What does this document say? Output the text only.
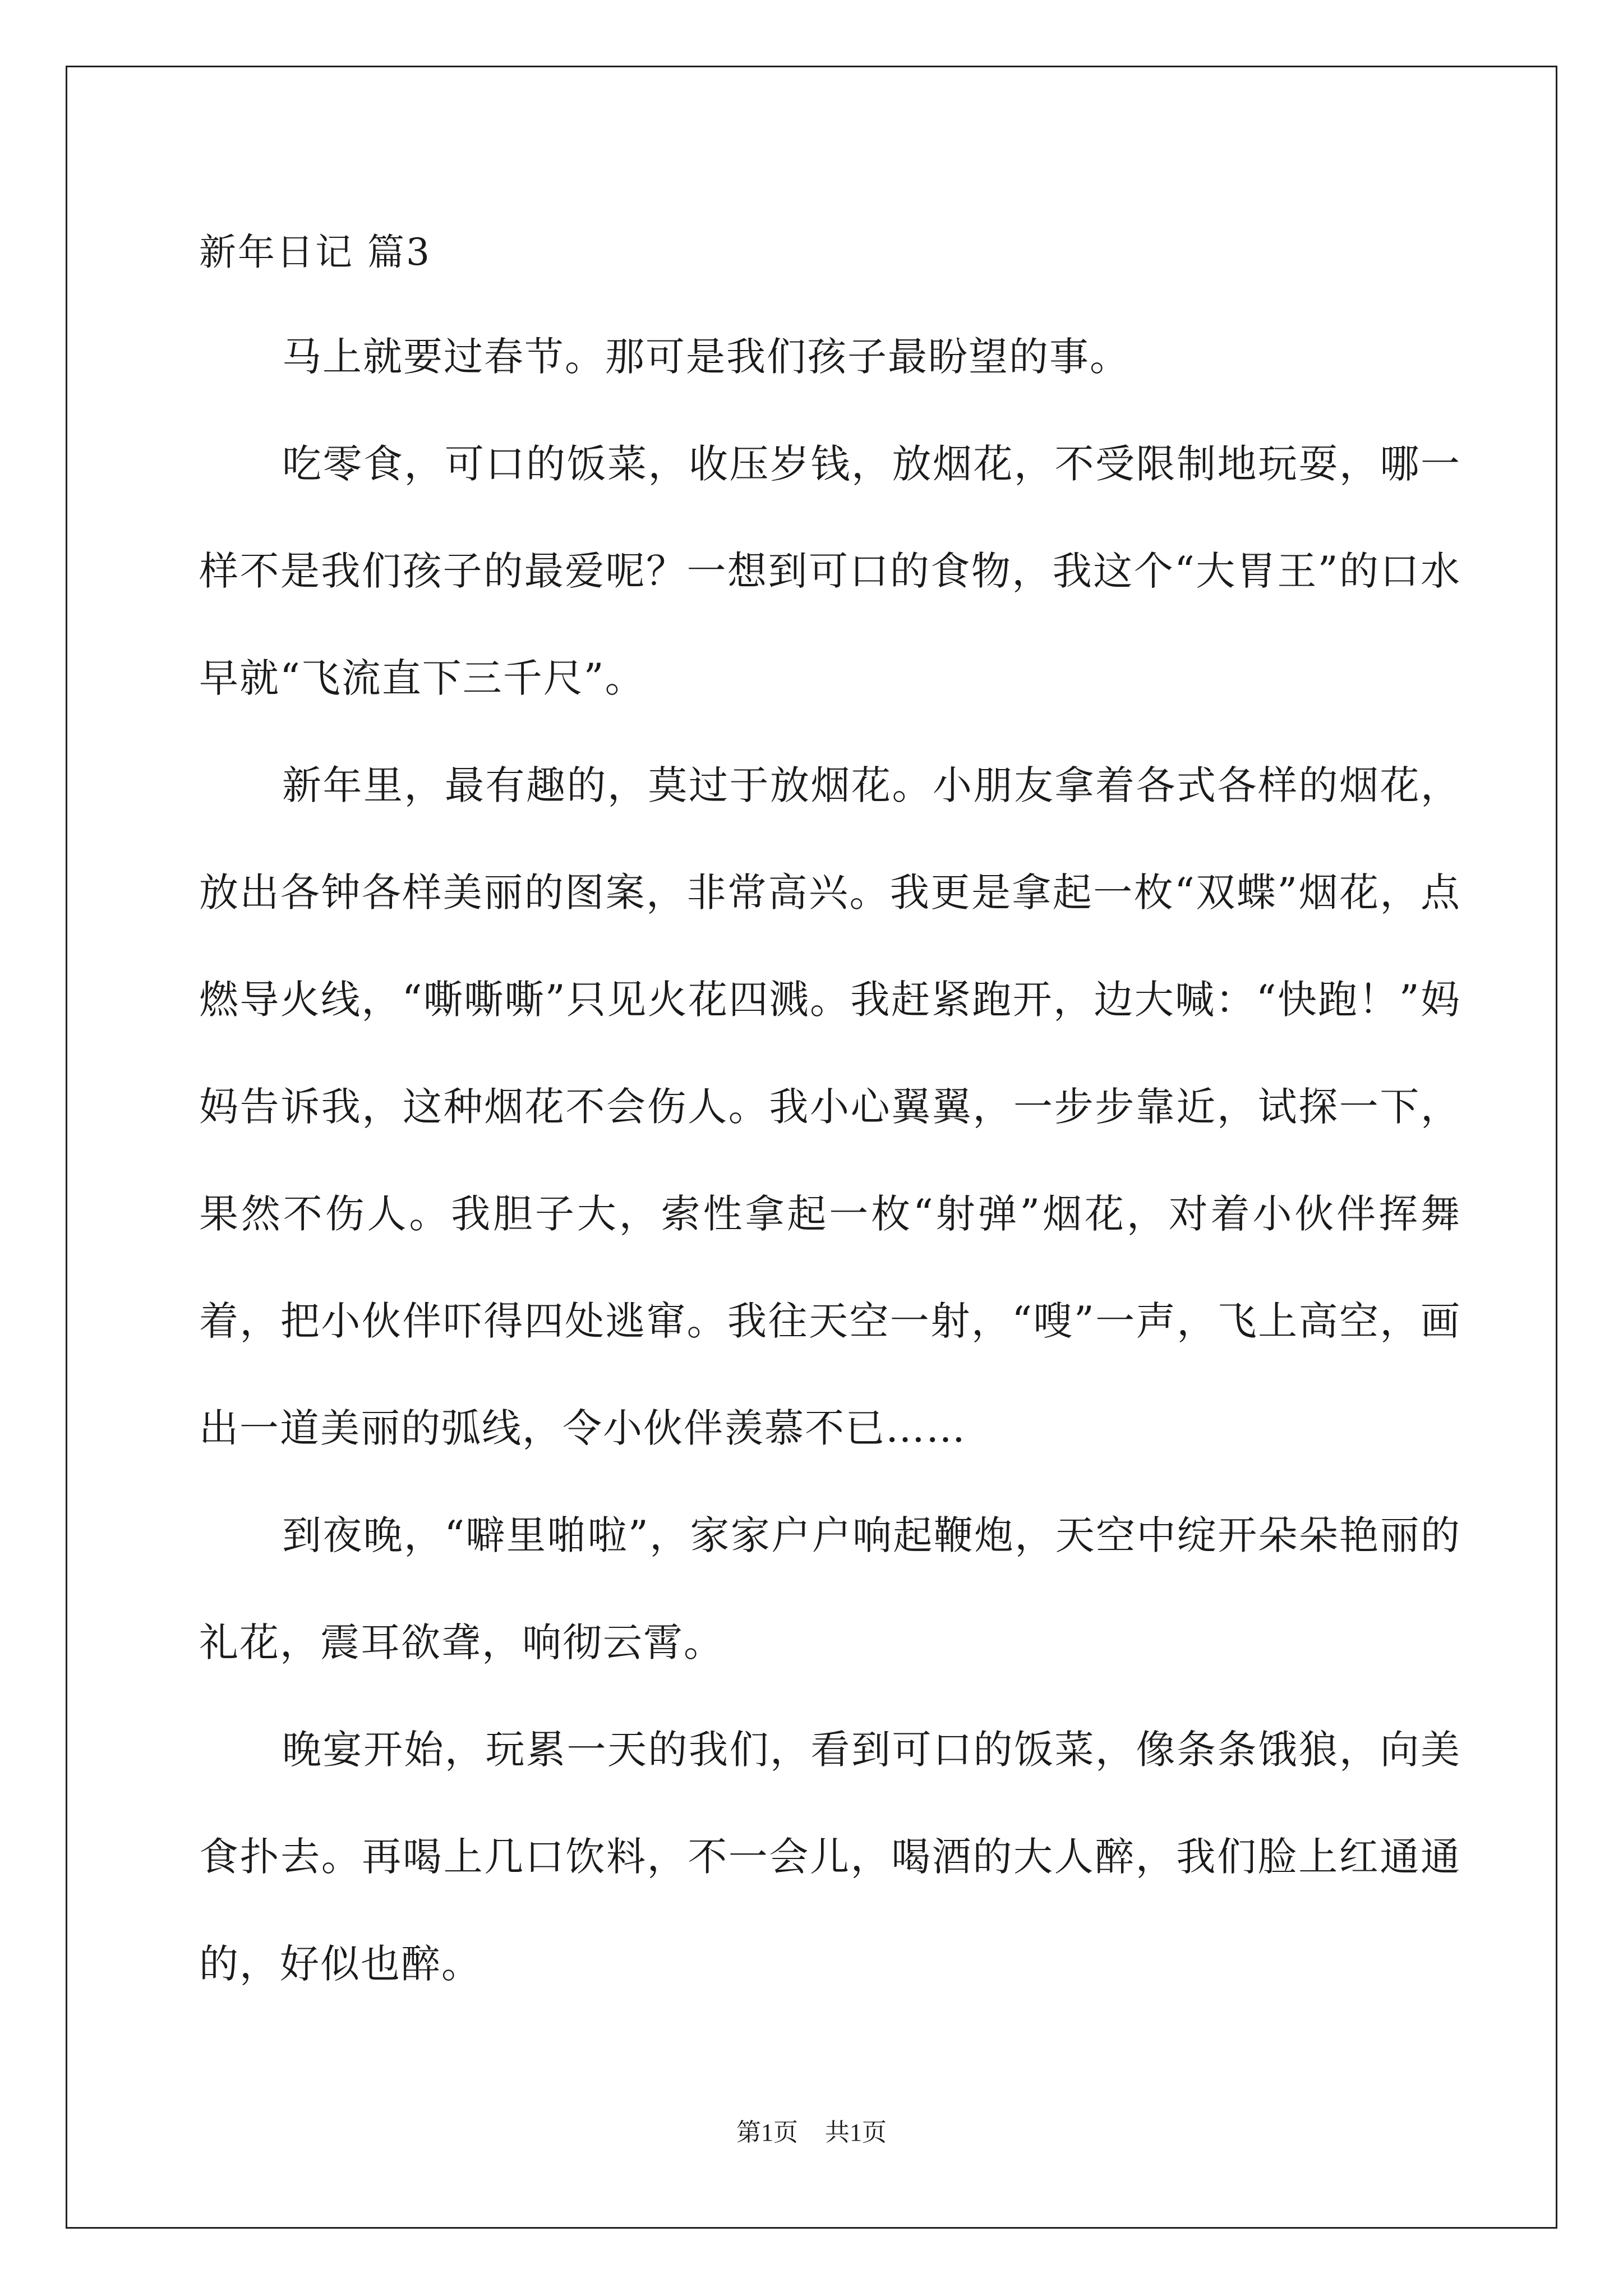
新年日记 篇3

马上就要过春节。那可是我们孩子最盼望的事。

吃零食，可口的饭菜，收压岁钱，放烟花，不受限制地玩耍，哪一样不是我们孩子的最爱呢？一想到可口的食物，我这个“大胃王”的口水早就“飞流直下三千尺”。

新年里，最有趣的，莫过于放烟花。小朋友拿着各式各样的烟花，放出各钟各样美丽的图案，非常高兴。我更是拿起一枚“双蝶”烟花，点燃导火线，“嘶嘶嘶”只见火花四溅。我赶紧跑开，边大喊：“快跑！”妈妈告诉我，这种烟花不会伤人。我小心翼翼，一步步靠近，试探一下，果然不伤人。我胆子大，索性拿起一枚“射弹”烟花，对着小伙伴挥舞着，把小伙伴吓得四处逃窜。我往天空一射，“嗖”一声，飞上高空，画出一道美丽的弧线，令小伙伴羡慕不已……

到夜晚，“噼里啪啦”，家家户户响起鞭炮，天空中绽开朵朵艳丽的礼花，震耳欲聋，响彻云霄。

晚宴开始，玩累一天的我们，看到可口的饭菜，像条条饿狼，向美食扑去。再喝上几口饮料，不一会儿，喝酒的大人醉，我们脸上红通通的，好似也醉。

第1页 共1页
